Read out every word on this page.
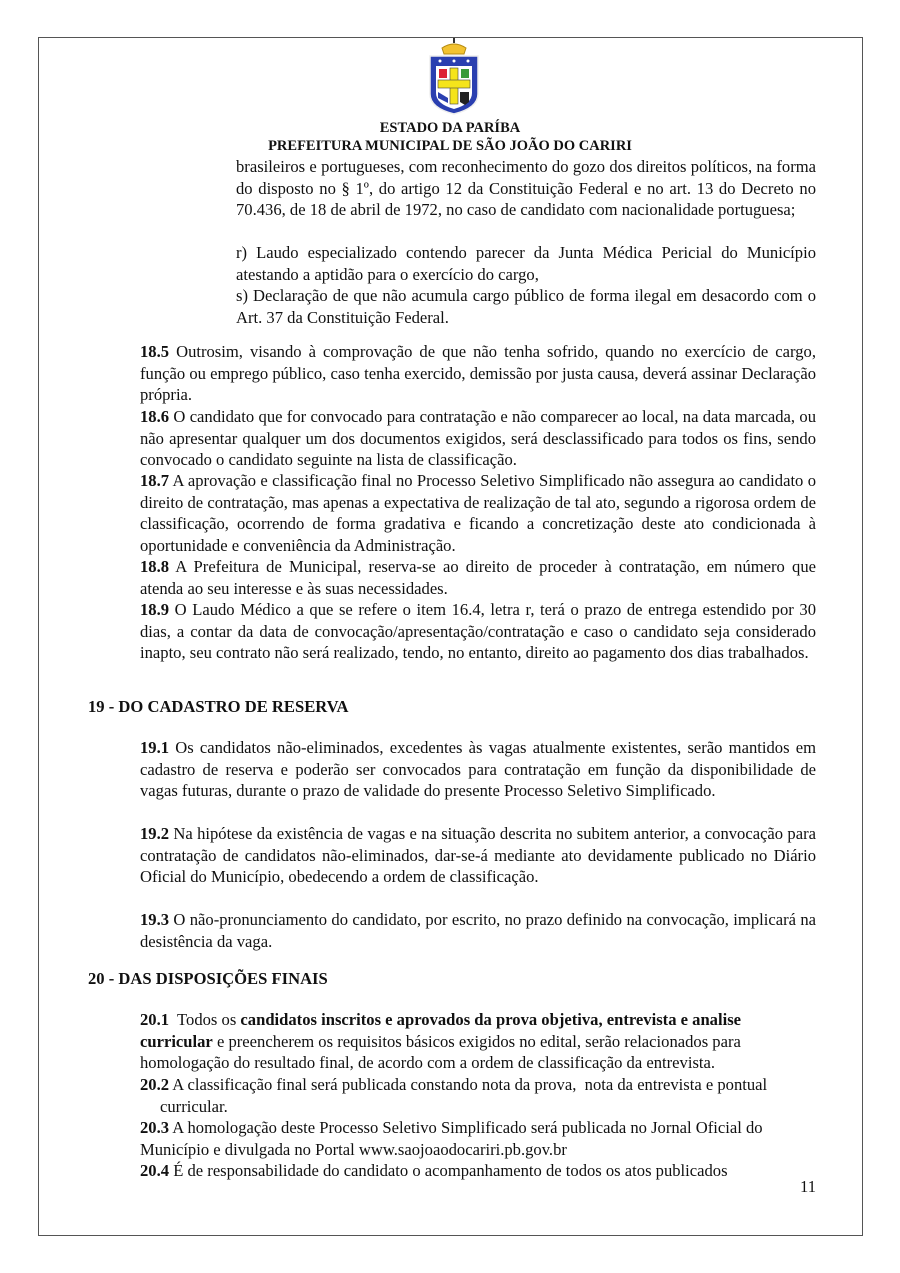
ESTADO DA PARÍBA
PREFEITURA MUNICIPAL DE SÃO JOÃO DO CARIRI
brasileiros e portugueses, com reconhecimento do gozo dos direitos políticos, na forma do disposto no § 1º, do artigo 12 da Constituição Federal e no art. 13 do Decreto no 70.436, de 18 de abril de 1972, no caso de candidato com nacionalidade portuguesa;
r) Laudo especializado contendo parecer da Junta Médica Pericial do Município atestando a aptidão para o exercício do cargo,
s) Declaração de que não acumula cargo público de forma ilegal em desacordo com o Art. 37 da Constituição Federal.
18.5 Outrosim, visando à comprovação de que não tenha sofrido, quando no exercício de cargo, função ou emprego público, caso tenha exercido, demissão por justa causa, deverá assinar Declaração própria.
18.6 O candidato que for convocado para contratação e não comparecer ao local, na data marcada, ou não apresentar qualquer um dos documentos exigidos, será desclassificado para todos os fins, sendo convocado o candidato seguinte na lista de classificação.
18.7 A aprovação e classificação final no Processo Seletivo Simplificado não assegura ao candidato o direito de contratação, mas apenas a expectativa de realização de tal ato, segundo a rigorosa ordem de classificação, ocorrendo de forma gradativa e ficando a concretização deste ato condicionada à oportunidade e conveniência da Administração.
18.8 A Prefeitura de Municipal, reserva-se ao direito de proceder à contratação, em número que atenda ao seu interesse e às suas necessidades.
18.9 O Laudo Médico a que se refere o item 16.4, letra r, terá o prazo de entrega estendido por 30 dias, a contar da data de convocação/apresentação/contratação e caso o candidato seja considerado inapto, seu contrato não será realizado, tendo, no entanto, direito ao pagamento dos dias trabalhados.
19 - DO CADASTRO DE RESERVA
19.1 Os candidatos não-eliminados, excedentes às vagas atualmente existentes, serão mantidos em cadastro de reserva e poderão ser convocados para contratação em função da disponibilidade de vagas futuras, durante o prazo de validade do presente Processo Seletivo Simplificado.
19.2 Na hipótese da existência de vagas e na situação descrita no subitem anterior, a convocação para contratação de candidatos não-eliminados, dar-se-á mediante ato devidamente publicado no Diário Oficial do Município, obedecendo a ordem de classificação.
19.3 O não-pronunciamento do candidato, por escrito, no prazo definido na convocação, implicará na desistência da vaga.
20 - DAS DISPOSIÇÕES FINAIS
20.1  Todos os candidatos inscritos e aprovados da prova objetiva, entrevista e analise curricular e preencherem os requisitos básicos exigidos no edital, serão relacionados para homologação do resultado final, de acordo com a ordem de classificação da entrevista.
20.2 A classificação final será publicada constando nota da prova,  nota da entrevista e pontual
curricular.
20.3 A homologação deste Processo Seletivo Simplificado será publicada no Jornal Oficial do Município e divulgada no Portal www.saojoaodocariri.pb.gov.br
20.4 É de responsabilidade do candidato o acompanhamento de todos os atos publicados
11
